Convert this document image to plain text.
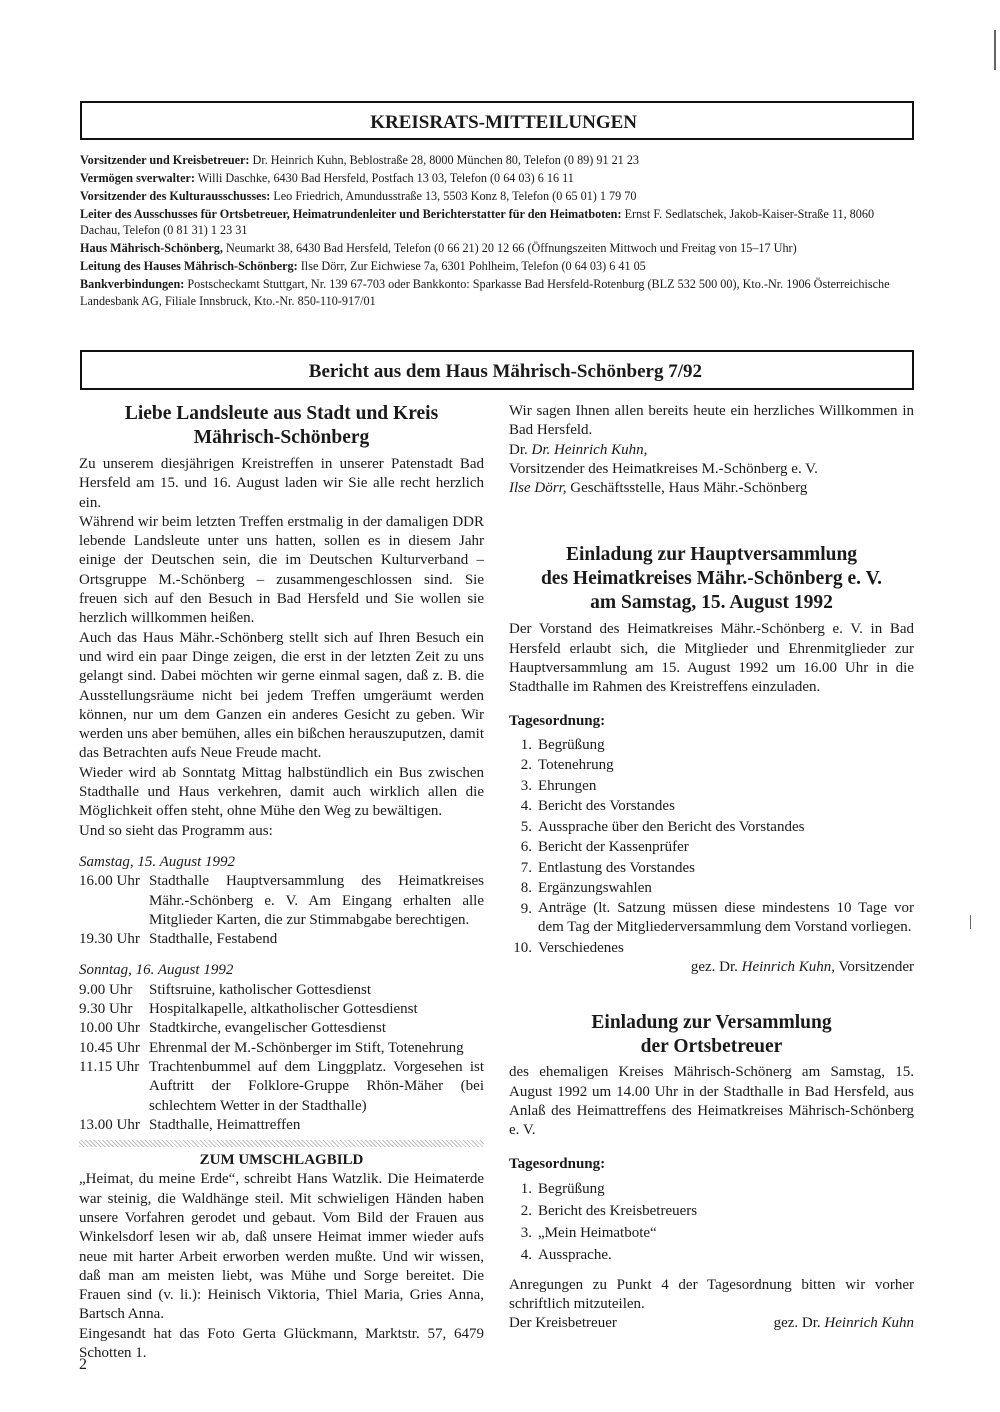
KREISRATS-MITTEILUNGEN

Vorsitzender und Kreisbetreuer: Dr. Heinrich Kuhn, Beblostraße 28, 8000 München 80, Telefon (0 89) 91 21 23

Vermögen sverwalter: Willi Daschke, 6430 Bad Hersfeld, Postfach 13 03, Telefon (0 64 03) 6 16 11

Vorsitzender des Kulturausschusses: Leo Friedrich, Amundusstraße 13, 5503 Konz 8, Telefon (0 65 01) 1 79 70

Leiter des Ausschusses für Ortsbetreuer, Heimatrundenleiter und Berichterstatter für den Heimatboten: Ernst F. Sedlatschek, Jakob-Kaiser-Straße 11, 8060 Dachau, Telefon (0 81 31) 1 23 31

Haus Mährisch-Schönberg, Neumarkt 38, 6430 Bad Hersfeld, Telefon (0 66 21) 20 12 66 (Öffnungszeiten Mittwoch und Freitag von 15–17 Uhr)

Leitung des Hauses Mährisch-Schönberg: Ilse Dörr, Zur Eichwiese 7a, 6301 Pohlheim, Telefon (0 64 03) 6 41 05

Bankverbindungen: Postscheckamt Stuttgart, Nr. 139 67-703 oder Bankkonto: Sparkasse Bad Hersfeld-Rotenburg (BLZ 532 500 00), Kto.-Nr. 1906 Österreichische Landesbank AG, Filiale Innsbruck, Kto.-Nr. 850-110-917/01

Bericht aus dem Haus Mährisch-Schönberg 7/92
Liebe Landsleute aus Stadt und Kreis
Mährisch-Schönberg

Zu unserem diesjährigen Kreistreffen in unserer Patenstadt Bad Hersfeld am 15. und 16. August laden wir Sie alle recht herzlich ein.

Während wir beim letzten Treffen erstmalig in der damaligen DDR lebende Landsleute unter uns hatten, sollen es in diesem Jahr einige der Deutschen sein, die im Deutschen Kulturverband – Ortsgruppe M.-Schönberg – zusammengeschlossen sind. Sie freuen sich auf den Besuch in Bad Hersfeld und Sie wollen sie herzlich willkommen heißen.

Auch das Haus Mähr.-Schönberg stellt sich auf Ihren Besuch ein und wird ein paar Dinge zeigen, die erst in der letzten Zeit zu uns gelangt sind. Dabei möchten wir gerne einmal sagen, daß z. B. die Ausstellungsräume nicht bei jedem Treffen umgeräumt werden können, nur um dem Ganzen ein anderes Gesicht zu geben. Wir werden uns aber bemühen, alles ein bißchen herauszuputzen, damit das Betrachten aufs Neue Freude macht.

Wieder wird ab Sonntatg Mittag halbstündlich ein Bus zwischen Stadthalle und Haus verkehren, damit auch wirklich allen die Möglichkeit offen steht, ohne Mühe den Weg zu bewältigen.

Und so sieht das Programm aus:

Samstag, 15. August 1992
16.00 Uhr Stadthalle Hauptversammlung des Heimatkreises Mähr.-Schönberg e. V. Am Eingang erhalten alle Mitglieder Karten, die zur Stimmabgabe berechtigen.
19.30 Uhr Stadthalle, Festabend
Sonntag, 16. August 1992
9.00 Uhr	Stiftsruine, katholischer Gottesdienst
9.30 Uhr	Hospitalkapelle, altkatholischer Gottesdienst
10.00 Uhr Stadtkirche, evangelischer Gottesdienst
10.45 Uhr Ehrenmal der M.-Schönberger im Stift, Totenehrung
11.15 Uhr Trachtenbummel auf dem Linggplatz. Vorgesehen ist Auftritt der Folklore-Gruppe Rhön-Mäher (bei schlechtem Wetter in der Stadthalle)
13.00 Uhr Stadthalle, Heimattreffen
ZUM UMSCHLAGBILD

„Heimat, du meine Erde“, schreibt Hans Watzlik. Die Heimaterde war steinig, die Waldhänge steil. Mit schwieligen Händen haben unsere Vorfahren gerodet und gebaut. Vom Bild der Frauen aus Winkelsdorf lesen wir ab, daß unsere Heimat immer wieder aufs neue mit harter Arbeit erworben werden mußte. Und wir wissen, daß man am meisten liebt, was Mühe und Sorge bereitet. Die Frauen sind (v. li.): Heinisch Viktoria, Thiel Maria, Gries Anna, Bartsch Anna.

Eingesandt hat das Foto Gerta Glückmann, Marktstr. 57, 6479 Schotten 1.

Wir sagen Ihnen allen bereits heute ein herzliches Willkommen in Bad Hersfeld.

Dr. Dr. Heinrich Kuhn,
Vorsitzender des Heimatkreises M.-Schönberg e. V.
Ilse Dörr, Geschäftsstelle, Haus Mähr.-Schönberg
Einladung zur Hauptversammlung
des Heimatkreises Mähr.-Schönberg e. V.
am Samstag, 15. August 1992

Der Vorstand des Heimatkreises Mähr.-Schönberg e. V. in Bad Hersfeld erlaubt sich, die Mitglieder und Ehrenmitglieder zur Hauptversammlung am 15. August 1992 um 16.00 Uhr in die Stadthalle im Rahmen des Kreistreffens einzuladen.

Tagesordnung:
1. Begrüßung
2. Totenehrung
3. Ehrungen
4. Bericht des Vorstandes
5. Aussprache über den Bericht des Vorstandes
6. Bericht der Kassenprüfer
7. Entlastung des Vorstandes
8. Ergänzungswahlen
9. Anträge (lt. Satzung müssen diese mindestens 10 Tage vor dem Tag der Mitgliederversammlung dem Vorstand vorliegen.
10. Verschiedenes
gez. Dr. Heinrich Kuhn, Vorsitzender
Einladung zur Versammlung
der Ortsbetreuer

des ehemaligen Kreises Mährisch-Schönerg am Samstag, 15. August 1992 um 14.00 Uhr in der Stadthalle in Bad Hersfeld, aus Anlaß des Heimattreffens des Heimatkreises Mährisch-Schönberg e. V.

Tagesordnung:
1. Begrüßung
2. Bericht des Kreisbetreuers
3. „Mein Heimatbote“
4. Aussprache.

Anregungen zu Punkt 4 der Tagesordnung bitten wir vorher schriftlich mitzuteilen.

Der Kreisbetreuer	gez. Dr. Heinrich Kuhn
2
